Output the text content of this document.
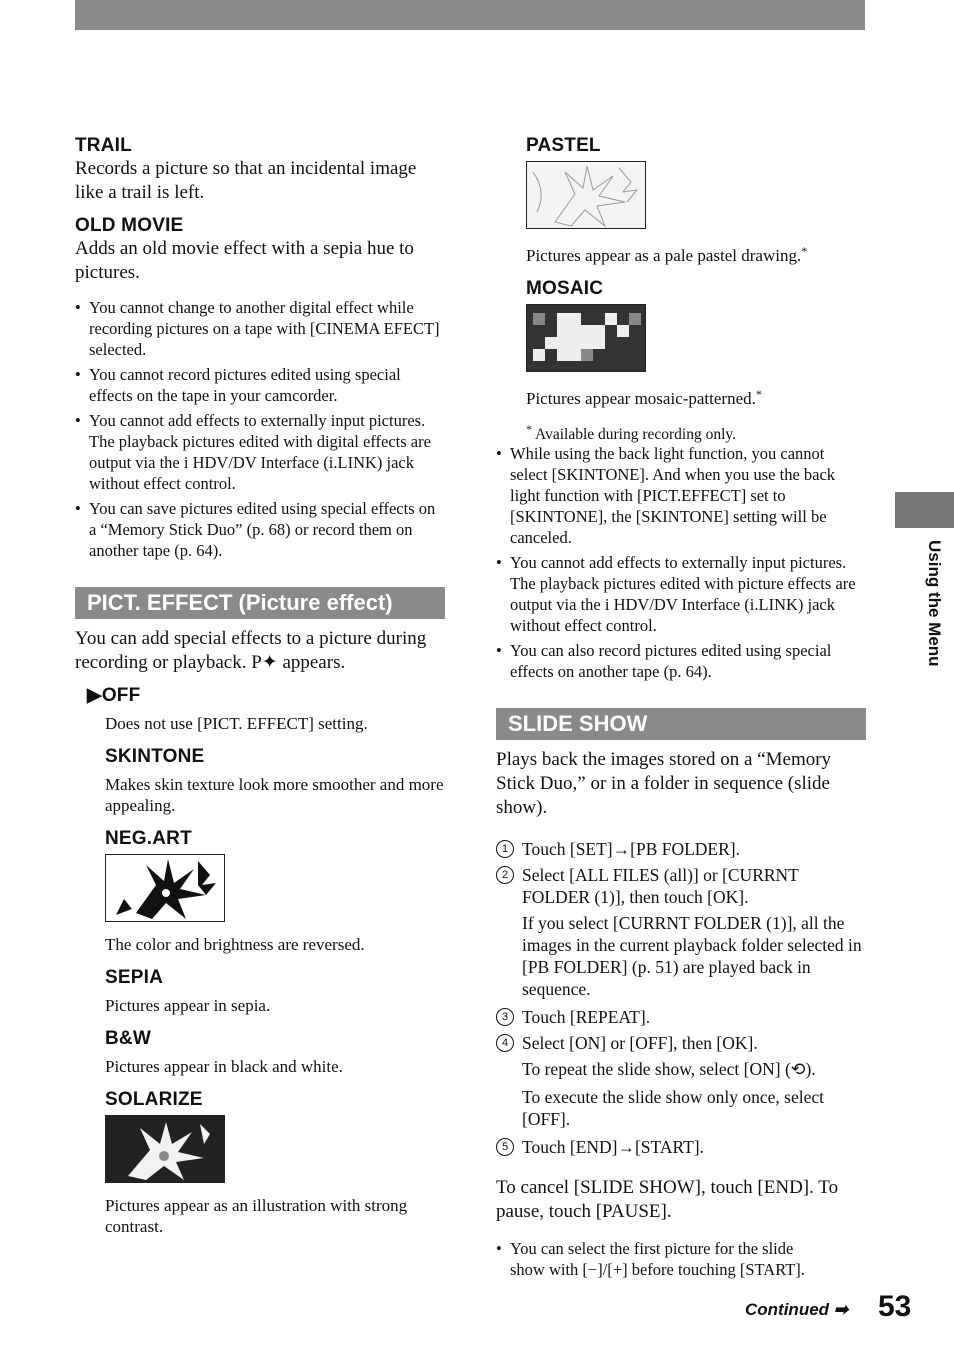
TRAIL
Records a picture so that an incidental image like a trail is left.
OLD MOVIE
Adds an old movie effect with a sepia hue to pictures.
• You cannot change to another digital effect while recording pictures on a tape with [CINEMA EFECT] selected.
• You cannot record pictures edited using special effects on the tape in your camcorder.
• You cannot add effects to externally input pictures. The playback pictures edited with digital effects are output via the i HDV/DV Interface (i.LINK) jack without effect control.
• You can save pictures edited using special effects on a “Memory Stick Duo” (p. 68) or record them on another tape (p. 64).
PICT. EFFECT (Picture effect)
You can add special effects to a picture during recording or playback. P✦ appears.
▶OFF
Does not use [PICT. EFFECT] setting.
SKINTONE
Makes skin texture look more smoother and more appealing.
NEG.ART
The color and brightness are reversed.
SEPIA
Pictures appear in sepia.
B&W
Pictures appear in black and white.
SOLARIZE
Pictures appear as an illustration with strong contrast.
PASTEL
Pictures appear as a pale pastel drawing.*
MOSAIC
Pictures appear mosaic-patterned.*
* Available during recording only.
• While using the back light function, you cannot select [SKINTONE]. And when you use the back light function with [PICT.EFFECT] set to [SKINTONE], the [SKINTONE] setting will be canceled.
• You cannot add effects to externally input pictures. The playback pictures edited with picture effects are output via the i HDV/DV Interface (i.LINK) jack without effect control.
• You can also record pictures edited using special effects on another tape (p. 64).
SLIDE SHOW
Plays back the images stored on a “Memory Stick Duo,” or in a folder in sequence (slide show).
1 Touch [SET]→[PB FOLDER].
2 Select [ALL FILES (all)] or [CURRNT FOLDER (1)], then touch [OK].
If you select [CURRNT FOLDER (1)], all the images in the current playback folder selected in [PB FOLDER] (p. 51) are played back in sequence.
3 Touch [REPEAT].
4 Select [ON] or [OFF], then [OK].
To repeat the slide show, select [ON] (⟲).
To execute the slide show only once, select [OFF].
5 Touch [END]→[START].
To cancel [SLIDE SHOW], touch [END]. To pause, touch [PAUSE].
• You can select the first picture for the slide show with [−]/[+] before touching [START].
Using the Menu
Continued ➡ 53
